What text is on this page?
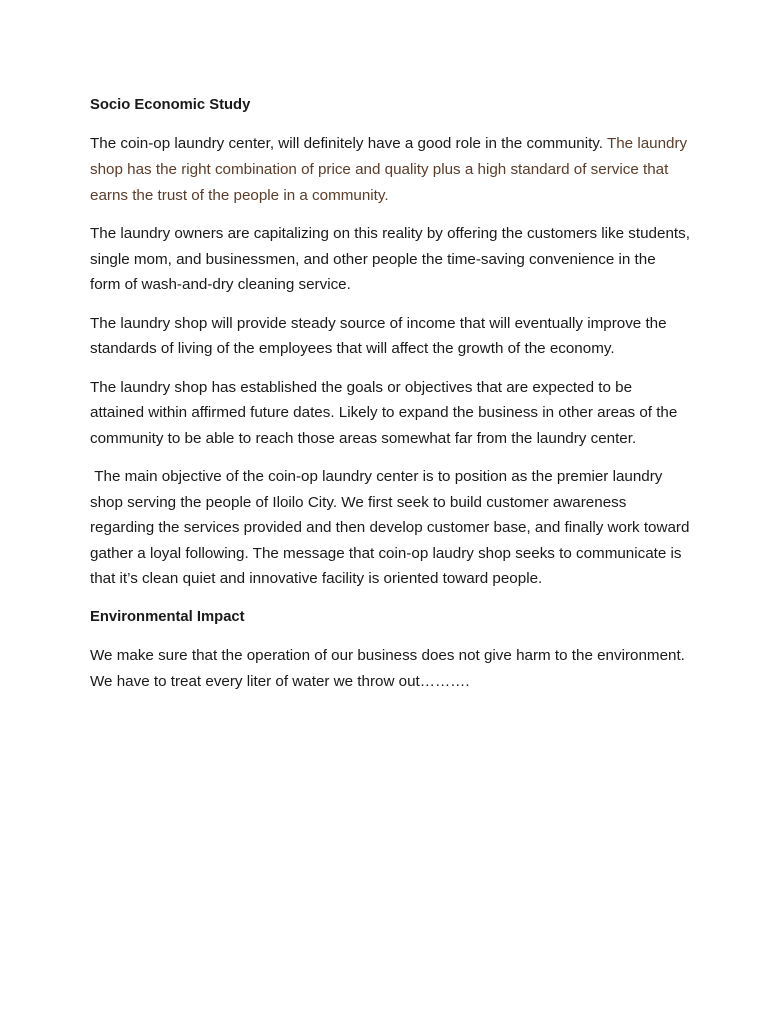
Socio Economic Study

The coin-op laundry center, will definitely have a good role in the community. The laundry shop has the right combination of price and quality plus a high standard of service that earns the trust of the people in a community.

The laundry owners are capitalizing on this reality by offering the customers like students, single mom, and businessmen, and other people the time-saving convenience in the form of wash-and-dry cleaning service.

The laundry shop will provide steady source of income that will eventually improve the standards of living of the employees that will affect the growth of the economy.

The laundry shop has established the goals or objectives that are expected to be attained within affirmed future dates. Likely to expand the business in other areas of the community to be able to reach those areas somewhat far from the laundry center.

The main objective of the coin-op laundry center is to position as the premier laundry shop serving the people of Iloilo City. We first seek to build customer awareness regarding the services provided and then develop customer base, and finally work toward gather a loyal following. The message that coin-op laudry shop seeks to communicate is that it’s clean quiet and innovative facility is oriented toward people.

Environmental Impact

We make sure that the operation of our business does not give harm to the environment. We have to treat every liter of water we throw out……….
